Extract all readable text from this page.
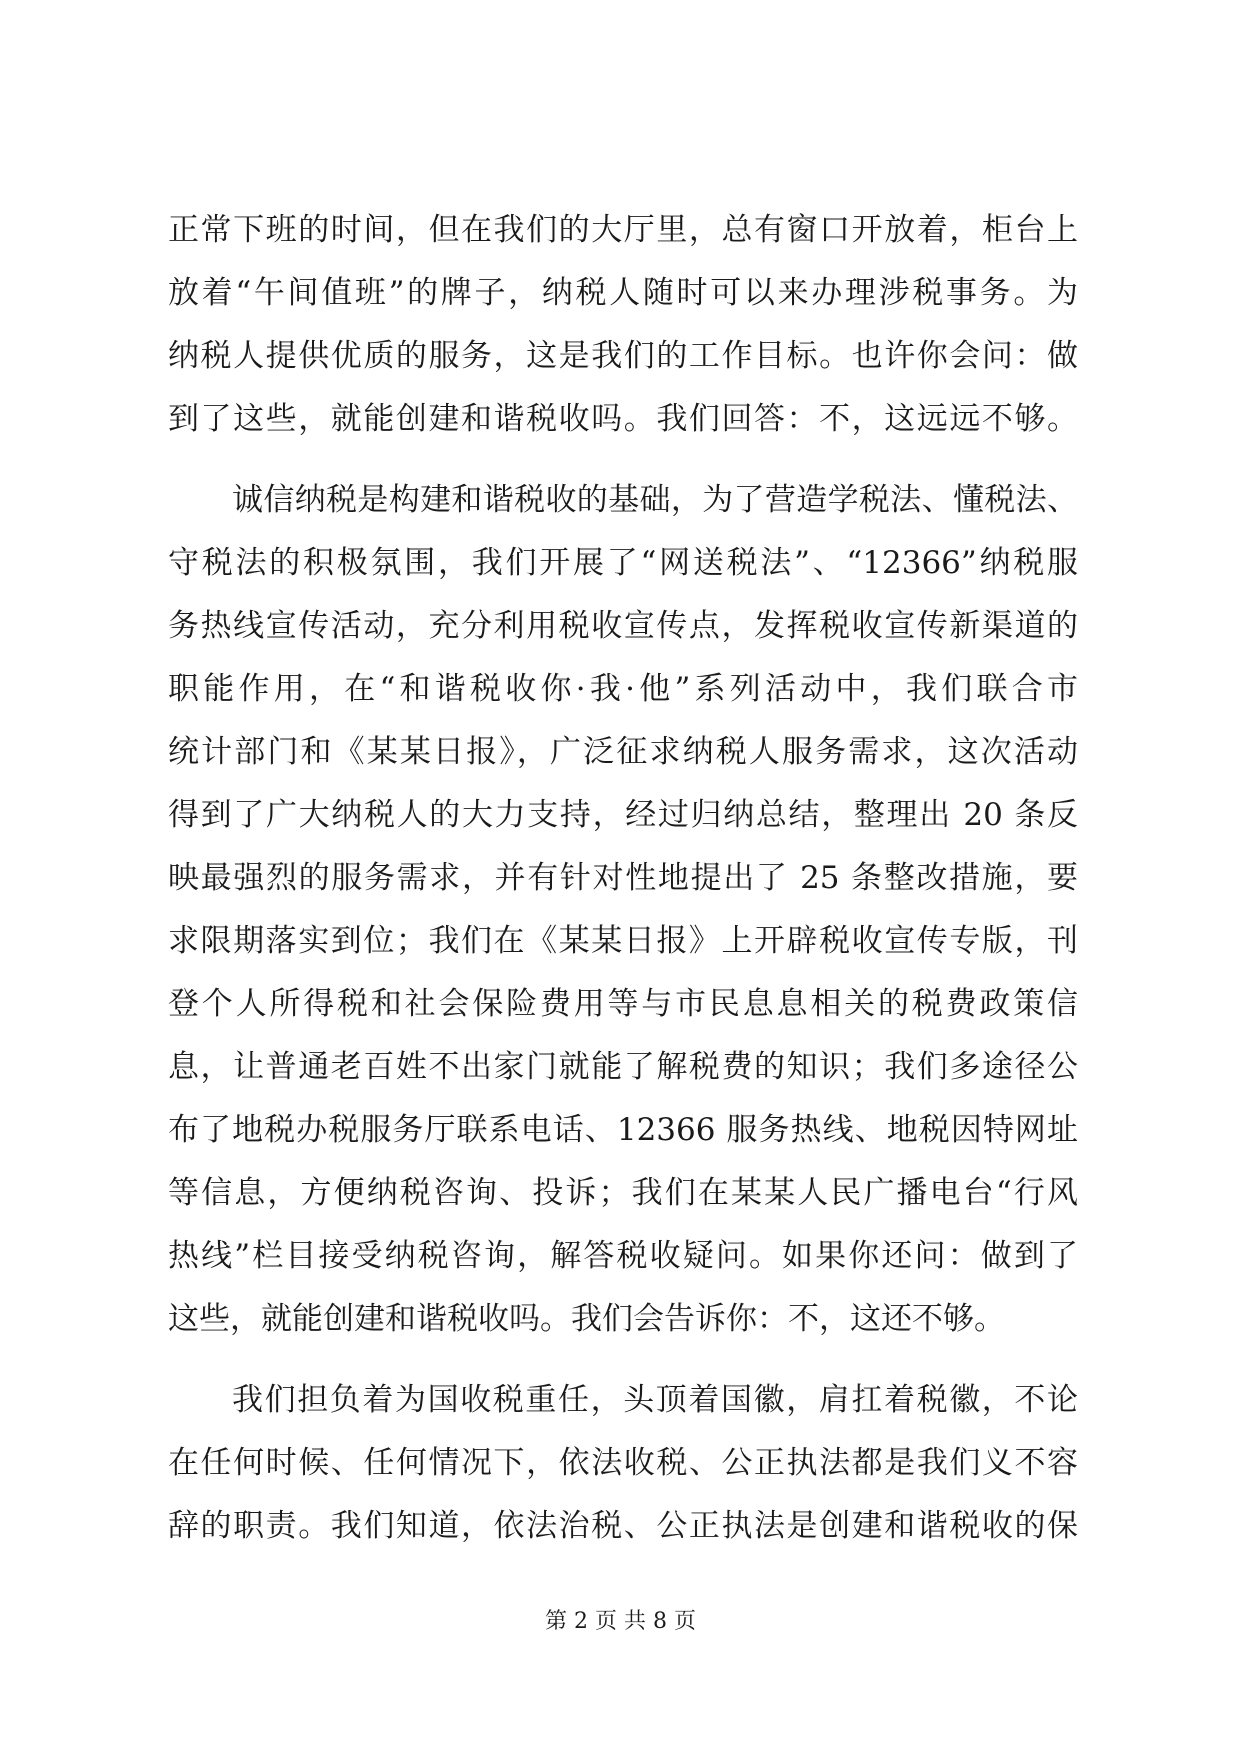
正常下班的时间，但在我们的大厅里，总有窗口开放着，柜台上
放着“午间值班”的牌子，纳税人随时可以来办理涉税事务。为
纳税人提供优质的服务，这是我们的工作目标。也许你会问：做
到了这些，就能创建和谐税收吗。我们回答：不，这远远不够。
诚信纳税是构建和谐税收的基础，为了营造学税法、懂税法、
守税法的积极氛围，我们开展了“网送税法”、“12366”纳税服
务热线宣传活动，充分利用税收宣传点，发挥税收宣传新渠道的
职能作用，在“和谐税收你·我·他”系列活动中，我们联合市
统计部门和《某某日报》，广泛征求纳税人服务需求，这次活动
得到了广大纳税人的大力支持，经过归纳总结，整理出 20 条反
映最强烈的服务需求，并有针对性地提出了 25 条整改措施，要
求限期落实到位；我们在《某某日报》上开辟税收宣传专版，刊
登个人所得税和社会保险费用等与市民息息相关的税费政策信
息，让普通老百姓不出家门就能了解税费的知识；我们多途径公
布了地税办税服务厅联系电话、12366 服务热线、地税因特网址
等信息，方便纳税咨询、投诉；我们在某某人民广播电台“行风
热线”栏目接受纳税咨询，解答税收疑问。如果你还问：做到了
这些，就能创建和谐税收吗。我们会告诉你：不，这还不够。
我们担负着为国收税重任，头顶着国徽，肩扛着税徽，不论
在任何时候、任何情况下，依法收税、公正执法都是我们义不容
辞的职责。我们知道，依法治税、公正执法是创建和谐税收的保
第 2 页 共 8 页
